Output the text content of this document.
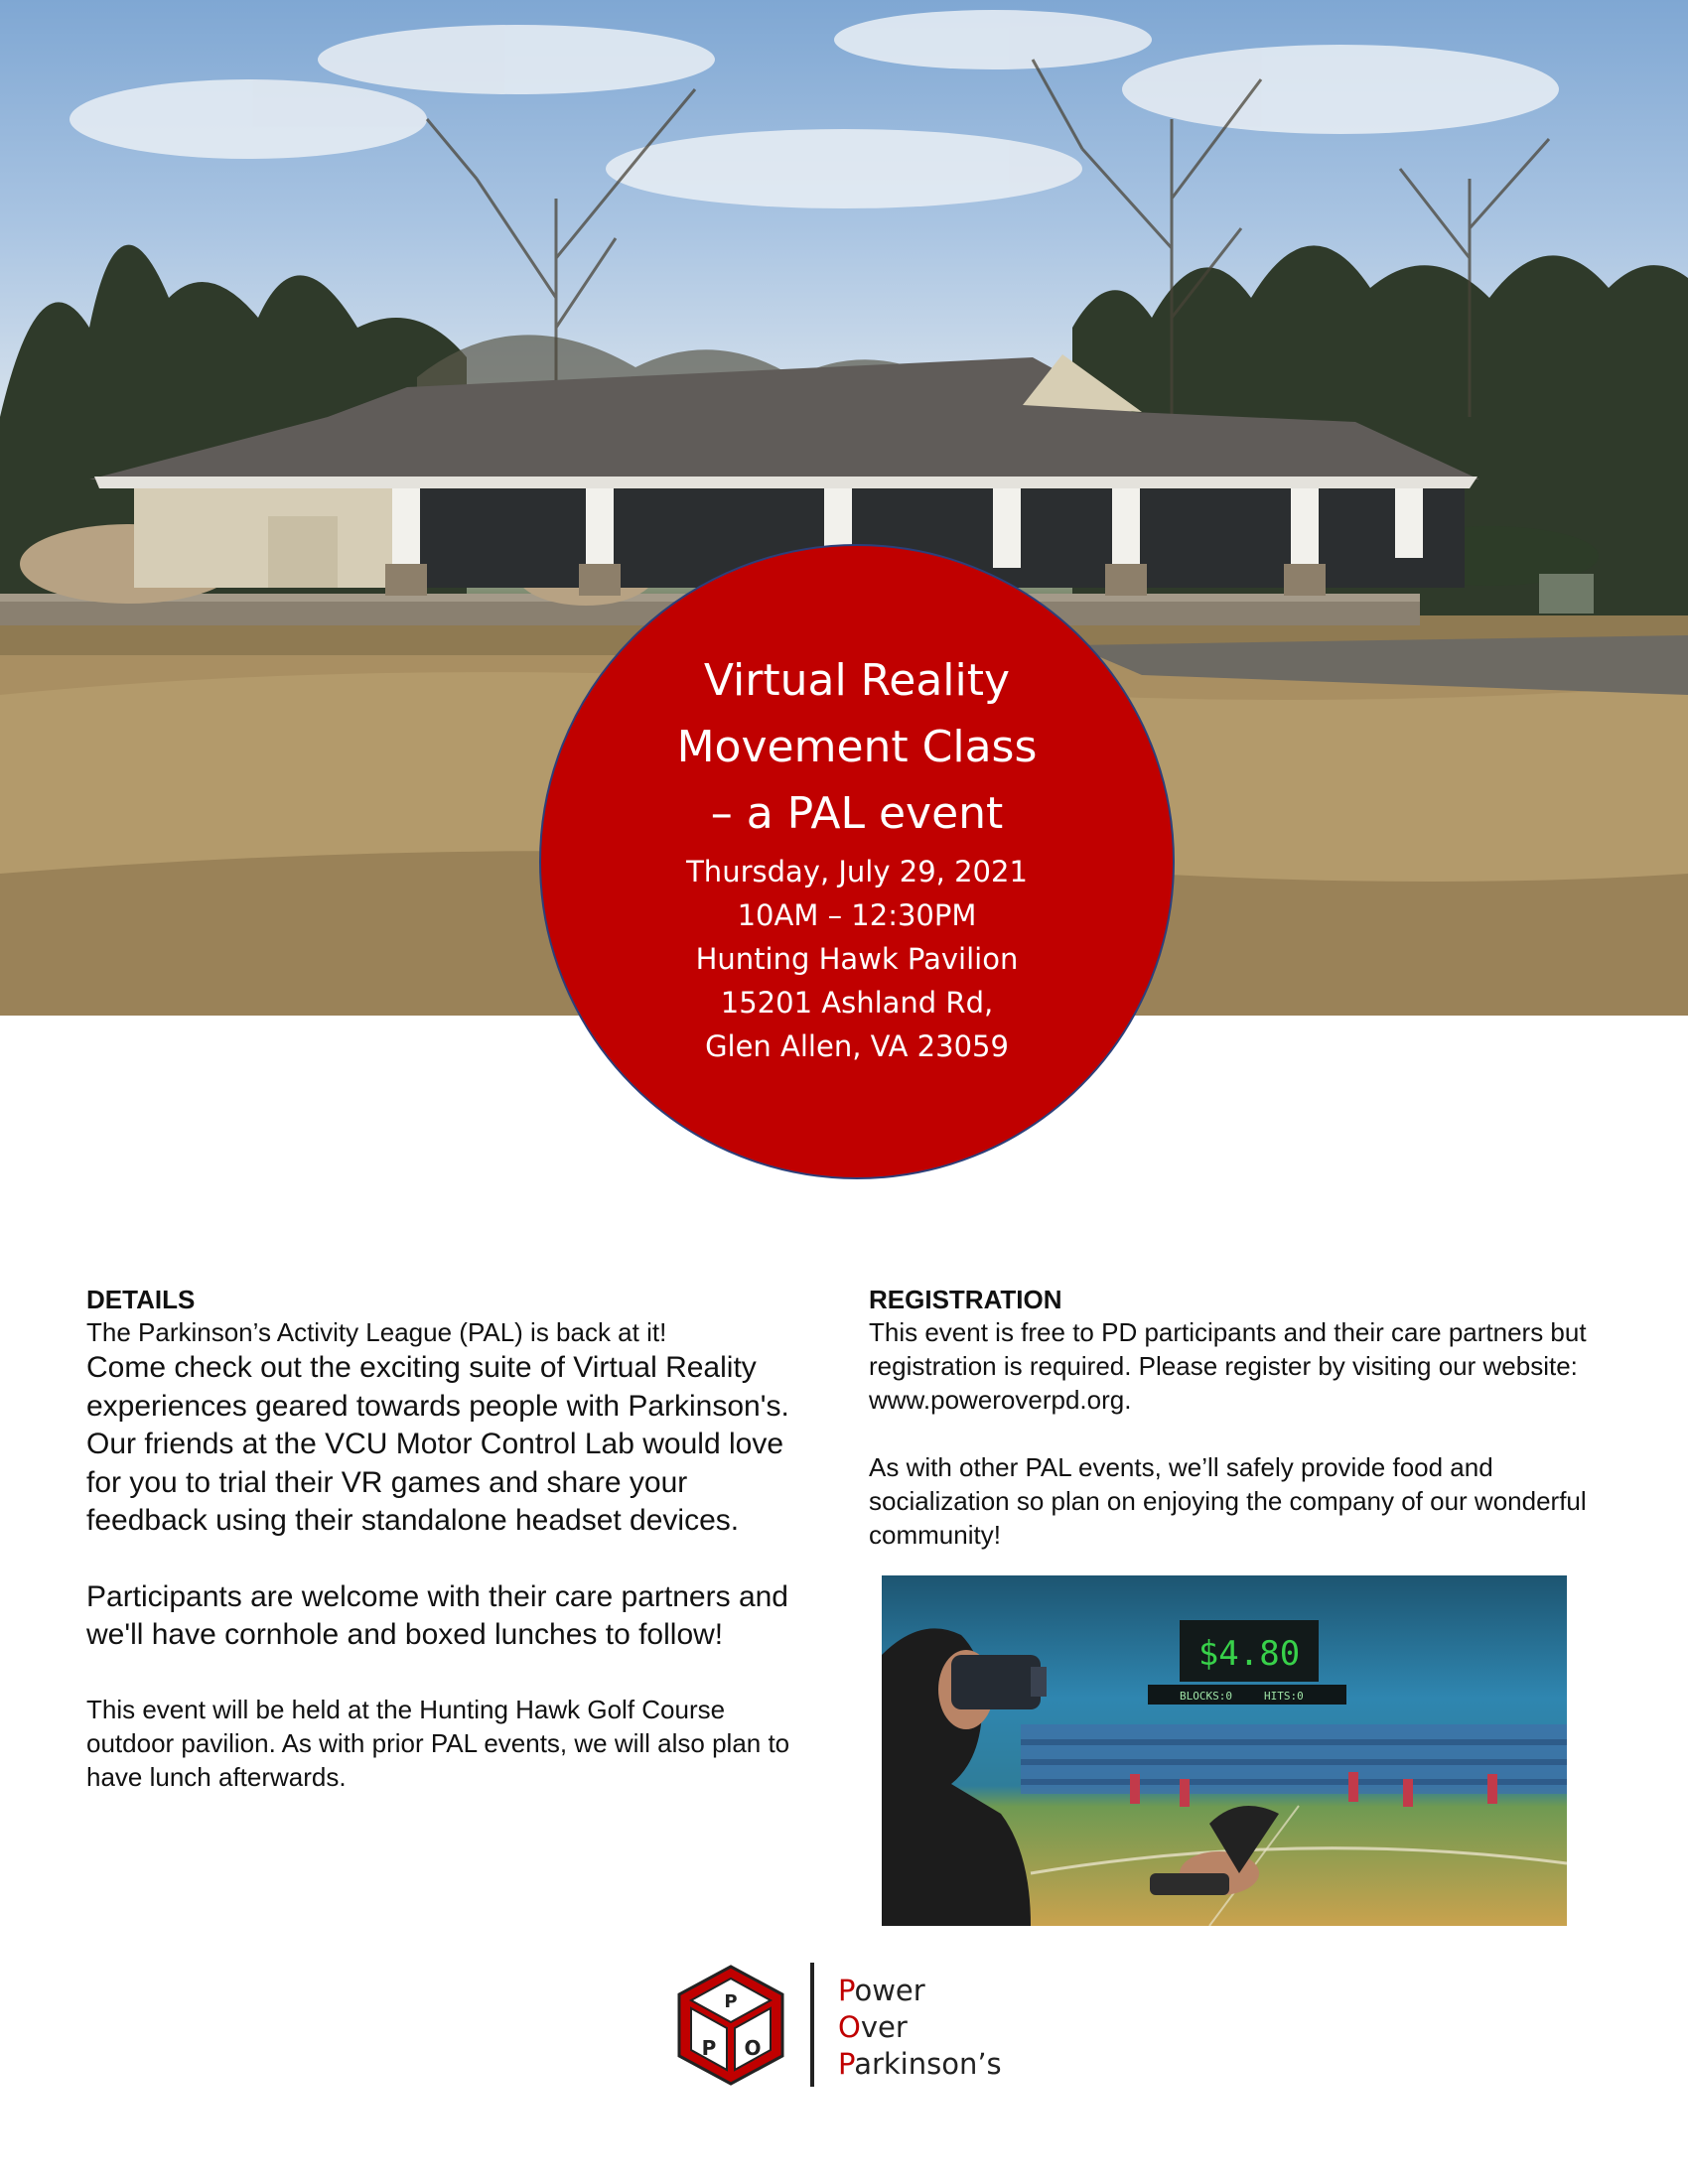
Virtual Reality
Movement Class
– a PAL event
Thursday, July 29, 2021
10AM – 12:30PM
Hunting Hawk Pavilion
15201 Ashland Rd,
Glen Allen, VA 23059
DETAILS

The Parkinson’s Activity League (PAL) is back at it!

Come check out the exciting suite of Virtual Reality experiences geared towards people with Parkinson's. Our friends at the VCU Motor Control Lab would love for you to trial their VR games and share your feedback using their standalone headset devices.

Participants are welcome with their care partners and we'll have cornhole and boxed lunches to follow!

This event will be held at the Hunting Hawk Golf Course outdoor pavilion. As with prior PAL events, we will also plan to have lunch afterwards.

REGISTRATION

This event is free to PD participants and their care partners but registration is required. Please register by visiting our website: www.poweroverpd.org.

As with other PAL events, we’ll safely provide food and socialization so plan on enjoying the company of our wonderful community!

$4.80
BLOCKS:0	HITS:0
P
P O
Power
Over
Parkinson’s
